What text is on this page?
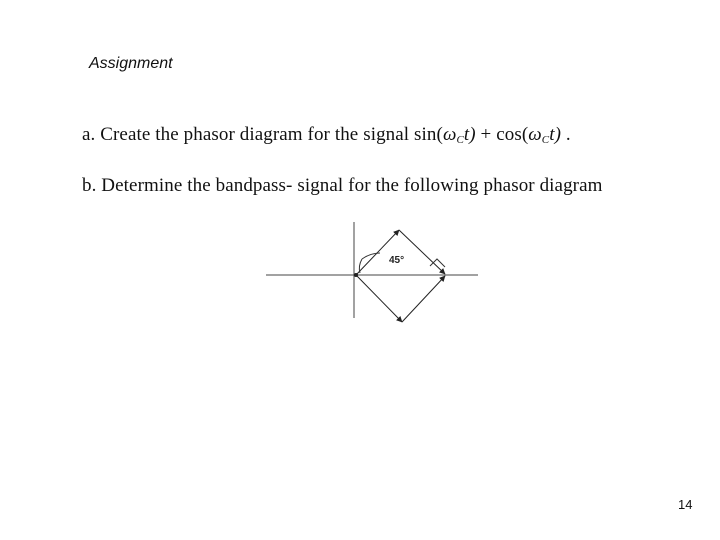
Assignment
a. Create the phasor diagram for the signal $\sin(\omega_Ct) + \cos(\omega_Ct)$ .
b. Determine the bandpass- signal for the following phasor diagram
45°
14
